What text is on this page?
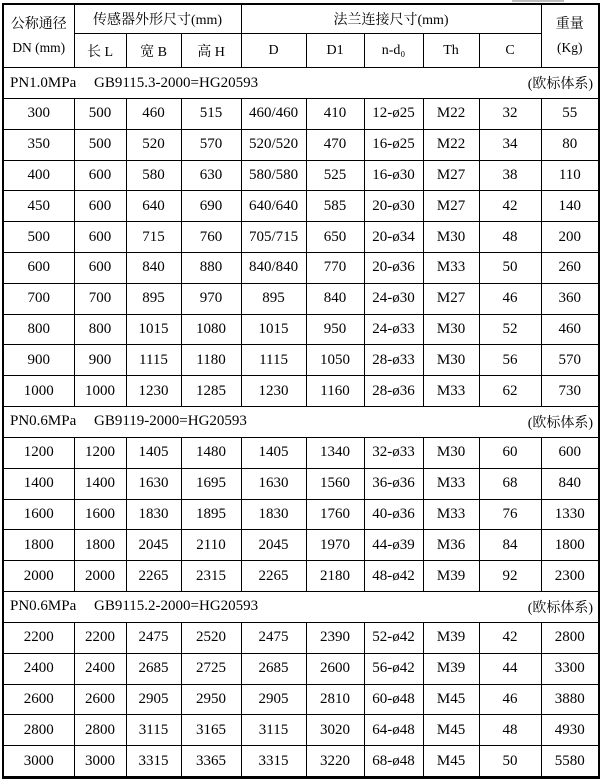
公称通径
DN (mm)	传感器外形尺寸(mm)			法兰连接尺寸(mm)					重量
(Kg)

	长 L	宽 B	高 H	D	D1	n-d₀	Th	C	

PN1.0MPa GB9115.3-2000=HG20593 (欧标体系)									

300	500	460	515	460/460	410	12-ø25	M22	32	55
350	500	520	570	520/520	470	16-ø25	M22	34	80
400	600	580	630	580/580	525	16-ø30	M27	38	110
450	600	640	690	640/640	585	20-ø30	M27	42	140
500	600	715	760	705/715	650	20-ø34	M30	48	200
600	600	840	880	840/840	770	20-ø36	M33	50	260
700	700	895	970	895	840	24-ø30	M27	46	360
800	800	1015	1080	1015	950	24-ø33	M30	52	460
900	900	1115	1180	1115	1050	28-ø33	M30	56	570
1000	1000	1230	1285	1230	1160	28-ø36	M33	62	730

PN0.6MPa GB9119-2000=HG20593 (欧标体系)									

1200	1200	1405	1480	1405	1340	32-ø33	M30	60	600
1400	1400	1630	1695	1630	1560	36-ø36	M33	68	840
1600	1600	1830	1895	1830	1760	40-ø36	M33	76	1330
1800	1800	2045	2110	2045	1970	44-ø39	M36	84	1800
2000	2000	2265	2315	2265	2180	48-ø42	M39	92	2300

PN0.6MPa GB9115.2-2000=HG20593 (欧标体系)									

2200	2200	2475	2520	2475	2390	52-ø42	M39	42	2800
2400	2400	2685	2725	2685	2600	56-ø42	M39	44	3300
2600	2600	2905	2950	2905	2810	60-ø48	M45	46	3880
2800	2800	3115	3165	3115	3020	64-ø48	M45	48	4930
3000	3000	3315	3365	3315	3220	68-ø48	M45	50	5580
